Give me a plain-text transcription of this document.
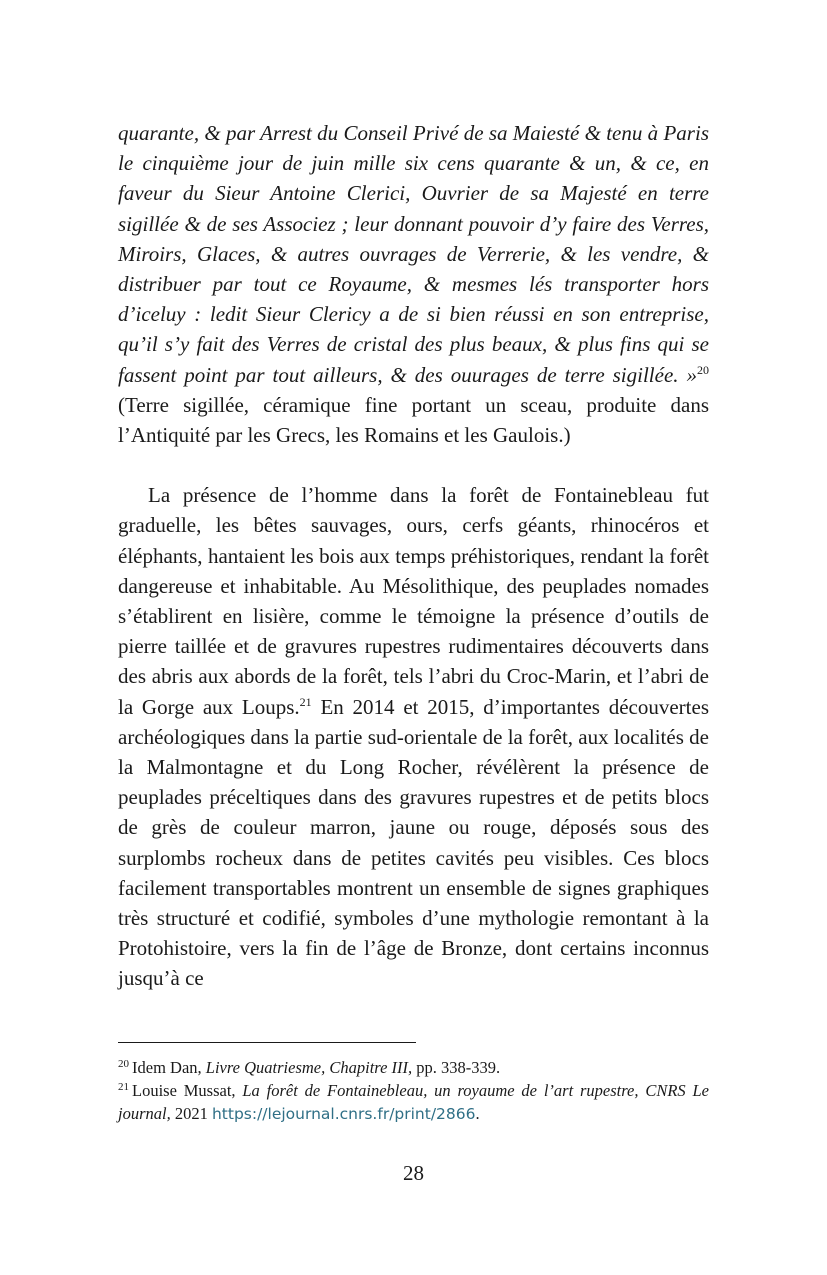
quarante, & par Arrest du Conseil Privé de sa Maiesté & tenu à Paris le cinquième jour de juin mille six cens quarante & un, & ce, en faveur du Sieur Antoine Clerici, Ouvrier de sa Majesté en terre sigillée & de ses Associez ; leur donnant pouvoir d’y faire des Verres, Miroirs, Glaces, & autres ouvrages de Verrerie, & les vendre, & distribuer par tout ce Royaume, & mesmes lés transporter hors d’iceluy : ledit Sieur Clericy a de si bien réussi en son entreprise, qu’il s’y fait des Verres de cristal des plus beaux, & plus fins qui se fassent point par tout ailleurs, & des ouurages de terre sigillée. »$^{20}$ (Terre sigillée, céramique fine portant un sceau, produite dans l’Antiquité par les Grecs, les Romains et les Gaulois.)

La présence de l’homme dans la forêt de Fontainebleau fut graduelle, les bêtes sauvages, ours, cerfs géants, rhinocéros et éléphants, hantaient les bois aux temps préhistoriques, rendant la forêt dangereuse et inhabitable. Au Mésolithique, des peuplades nomades s’établirent en lisière, comme le témoigne la présence d’outils de pierre taillée et de gravures rupestres rudimentaires découverts dans des abris aux abords de la forêt, tels l’abri du Croc-Marin, et l’abri de la Gorge aux Loups.$^{21}$ En 2014 et 2015, d’importantes découvertes archéologiques dans la partie sud-orientale de la forêt, aux localités de la Malmontagne et du Long Rocher, révélèrent la présence de peuplades préceltiques dans des gravures rupestres et de petits blocs de grès de couleur marron, jaune ou rouge, déposés sous des surplombs rocheux dans de petites cavités peu visibles. Ces blocs facilement transportables montrent un ensemble de signes graphiques très structuré et codifié, symboles d’une mythologie remontant à la Protohistoire, vers la fin de l’âge de Bronze, dont certains inconnus jusqu’à ce

$^{20}$ Idem Dan, Livre Quatriesme, Chapitre III, pp. 338-339.

$^{21}$ Louise Mussat, La forêt de Fontainebleau, un royaume de l’art rupestre, CNRS Le journal, 2021 https://lejournal.cnrs.fr/print/2866.

28
